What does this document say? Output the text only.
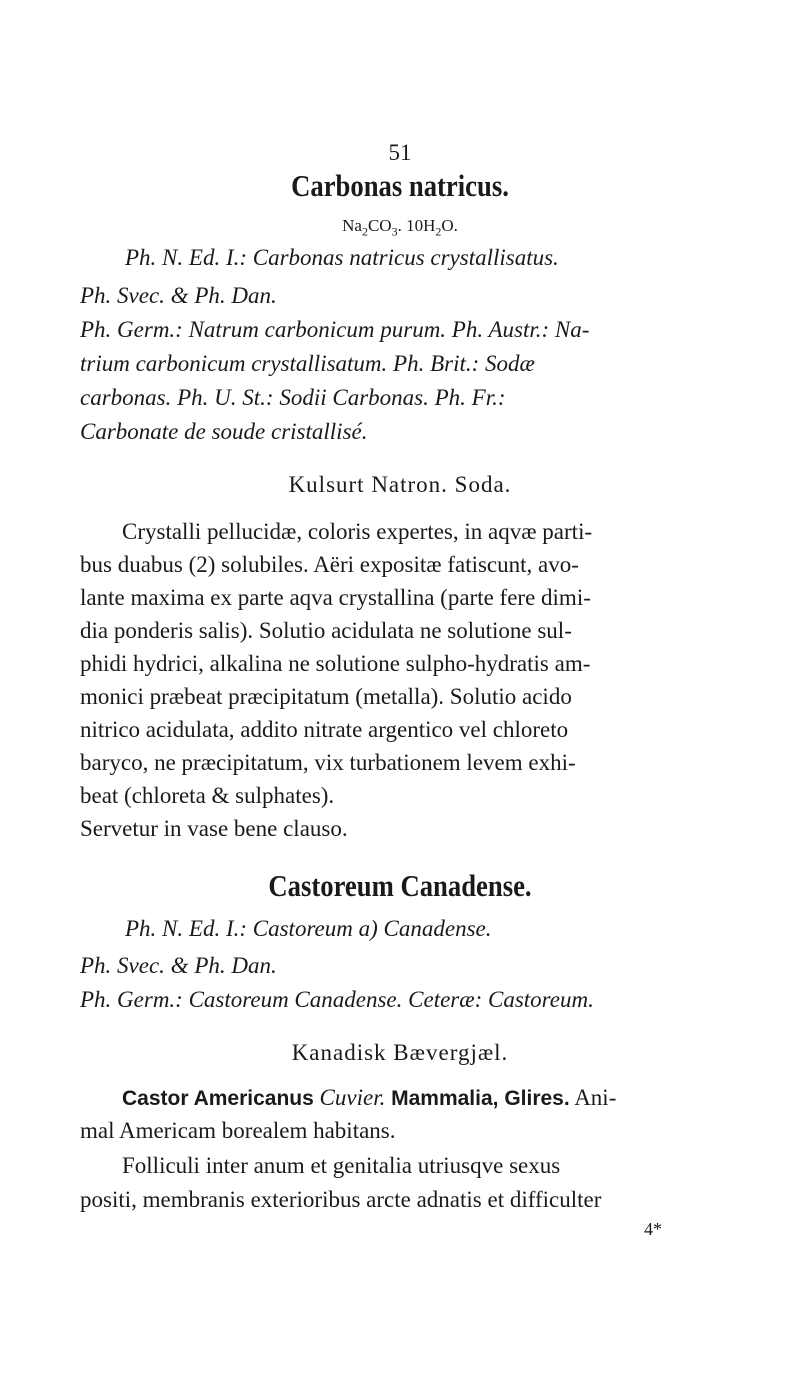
51
Carbonas natricus.
$Na_2CO_3$. $10H_2O$.
Ph. N. Ed. I.: Carbonas natricus crystallisatus.
Ph. Svec. & Ph. Dan.
Ph. Germ.: Natrum carbonicum purum. Ph. Austr.: Na-
trium carbonicum crystallisatum. Ph. Brit.: Sodæ
carbonas. Ph. U. St.: Sodii Carbonas. Ph. Fr.:
Carbonate de soude cristallisé.
Kulsurt Natron. Soda.
Crystalli pellucidæ, coloris expertes, in aqvæ parti-
bus duabus (2) solubiles. Aëri expositæ fatiscunt, avo-
lante maxima ex parte aqva crystallina (parte fere dimi-
dia ponderis salis). Solutio acidulata ne solutione sul-
phidi hydrici, alkalina ne solutione sulpho-hydratis am-
monici præbeat præcipitatum (metalla). Solutio acido
nitrico acidulata, addito nitrate argentico vel chloreto
baryco, ne præcipitatum, vix turbationem levem exhi-
beat (chloreta & sulphates).
Servetur in vase bene clauso.
Castoreum Canadense.
Ph. N. Ed. I.: Castoreum a) Canadense.
Ph. Svec. & Ph. Dan.
Ph. Germ.: Castoreum Canadense. Ceteræ: Castoreum.
Kanadisk Bævergjæl.
Castor Americanus Cuvier. Mammalia, Glires. Ani-
mal Americam borealem habitans.
Folliculi inter anum et genitalia utriusqve sexus
positi, membranis exterioribus arcte adnatis et difficulter
4*
